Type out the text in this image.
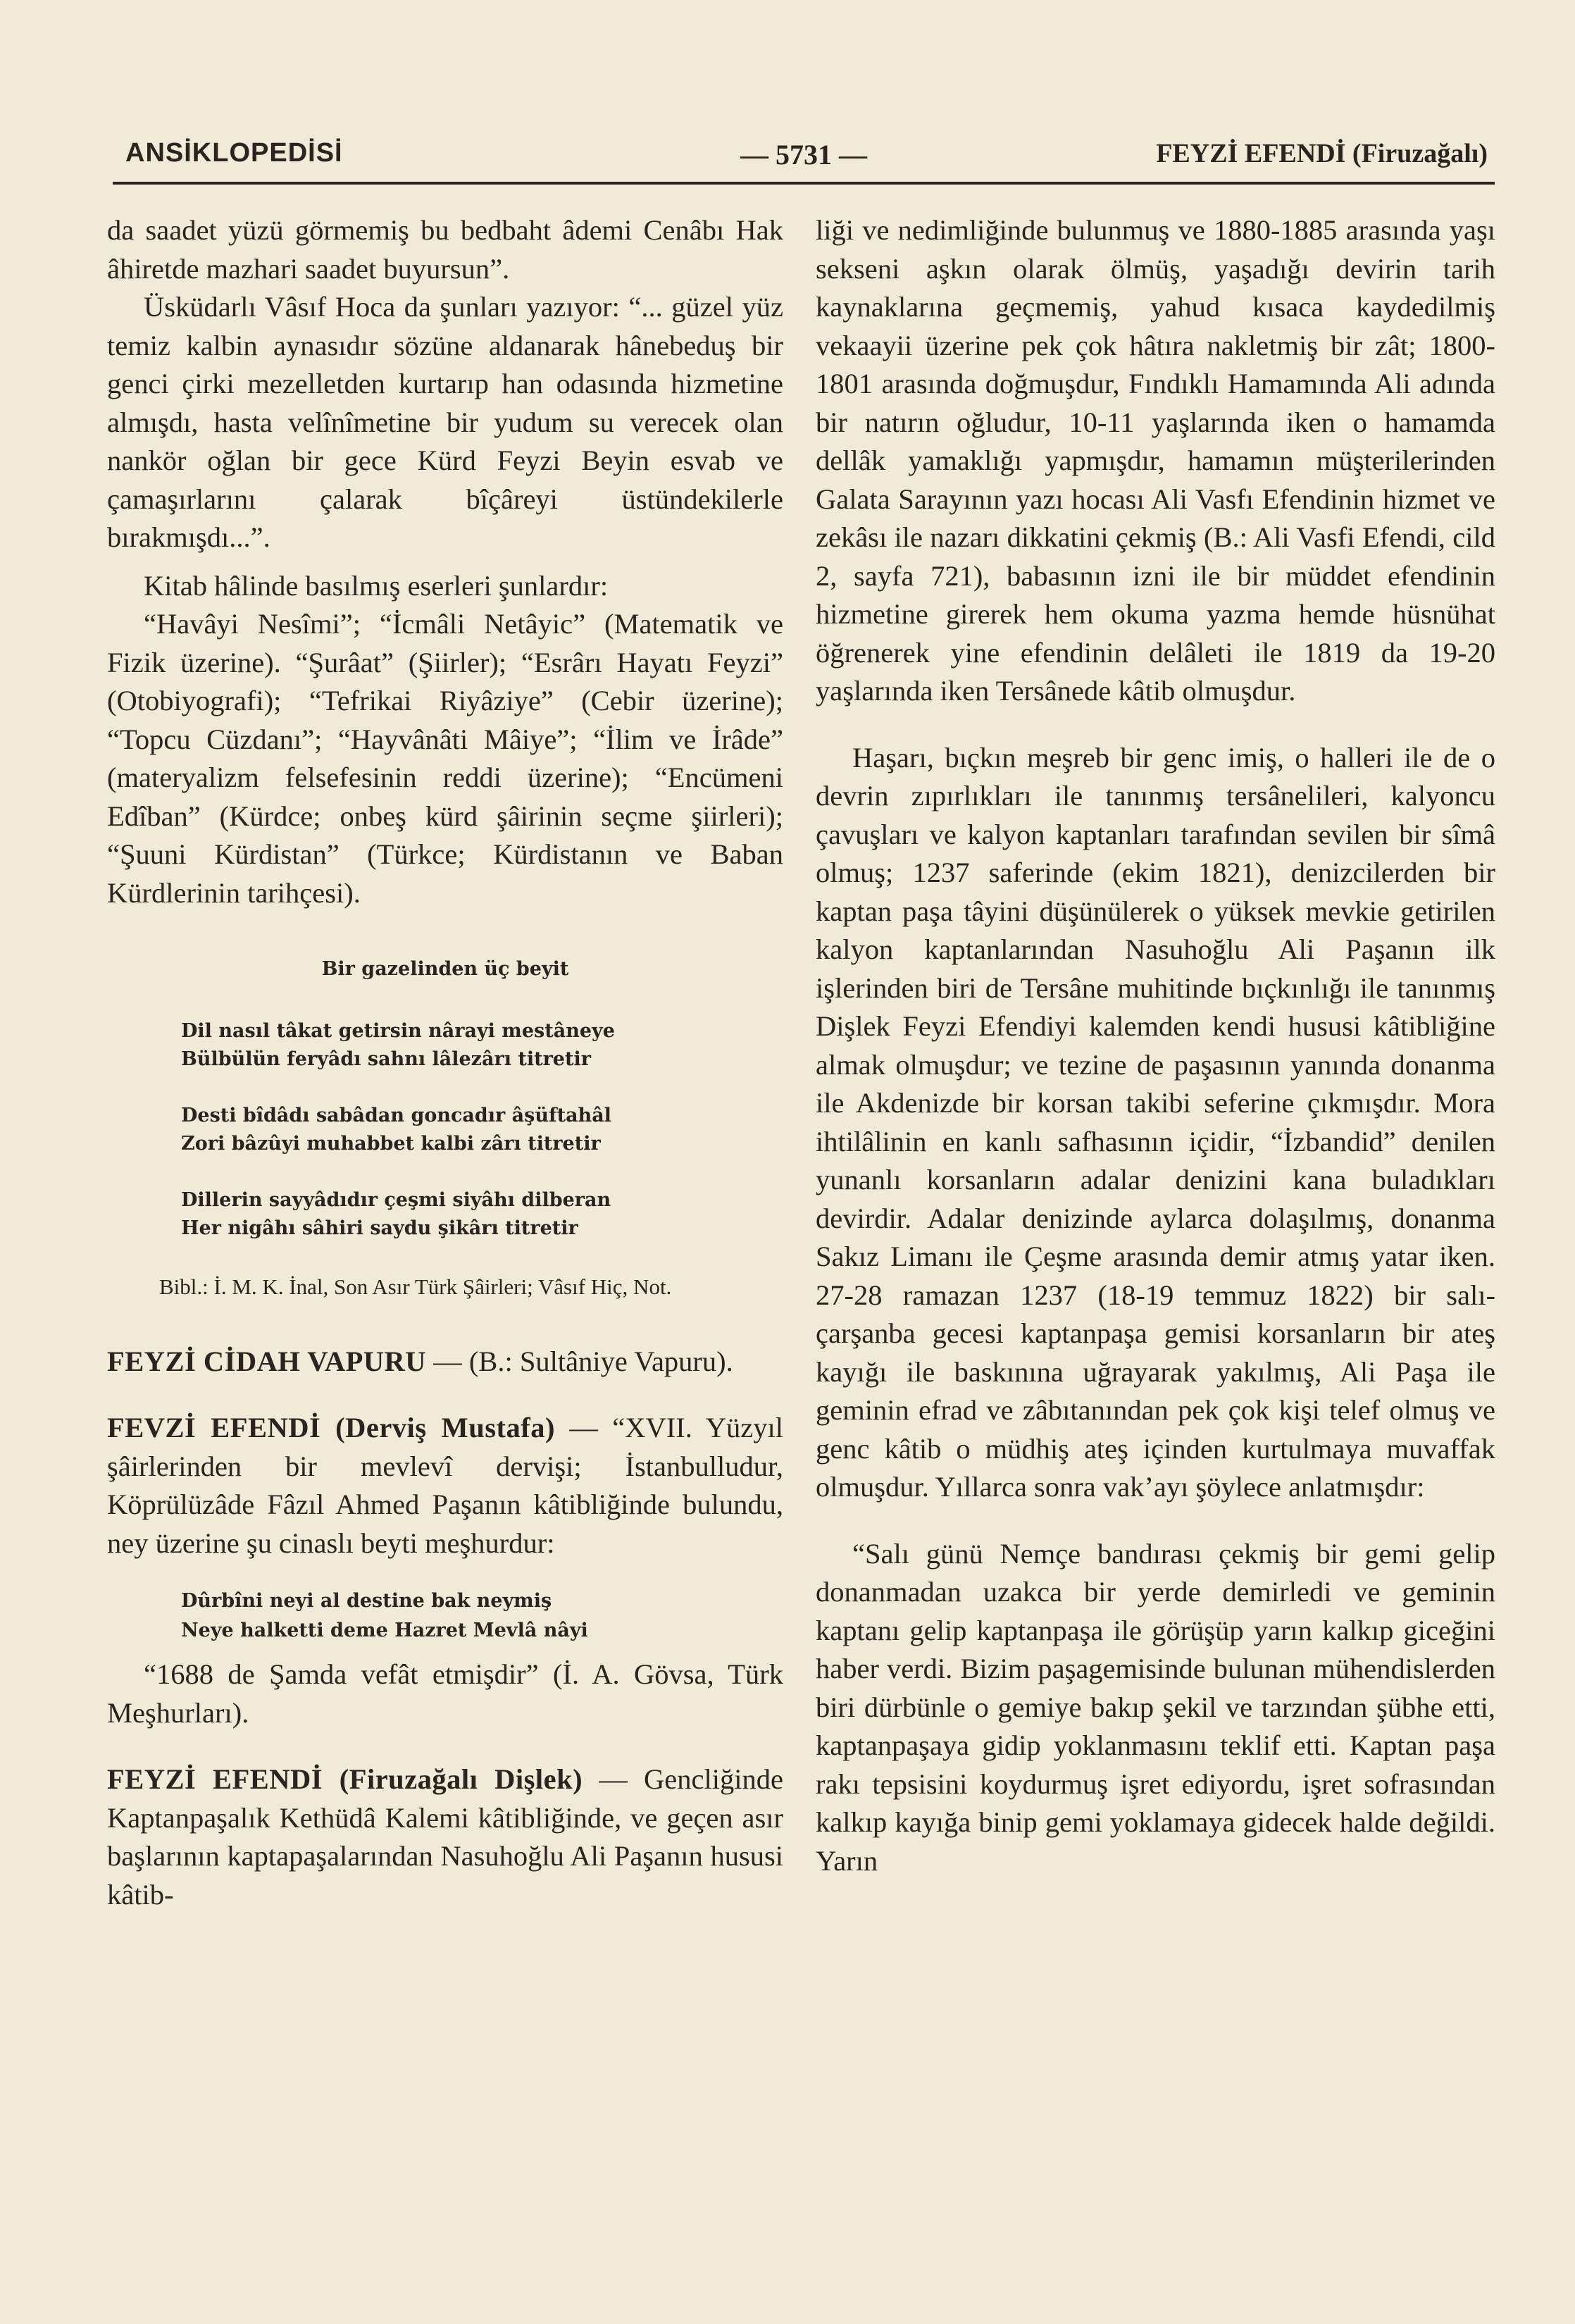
ANSİKLOPEDİSİ	— 5731 —	FEYZİ EFENDİ (Firuzağalı)

da saadet yüzü görmemiş bu bedbaht âdemi Cenâbı Hak âhiretde mazhari saadet buyursun”.

Üsküdarlı Vâsıf Hoca da şunları yazıyor: “... güzel yüz temiz kalbin aynasıdır sözüne aldanarak hânebeduş bir genci çirki mezelletden kurtarıp han odasında hizmetine almışdı, hasta velînîmetine bir yudum su verecek olan nankör oğlan bir gece Kürd Feyzi Beyin esvab ve çamaşırlarını çalarak bîçâreyi üstündekilerle bırakmışdı...”.

Kitab hâlinde basılmış eserleri şunlardır:

“Havâyi Nesîmi”; “İcmâli Netâyic” (Matematik ve Fizik üzerine). “Şurâat” (Şiirler); “Esrârı Hayatı Feyzi” (Otobiyografi); “Tefrikai Riyâziye” (Cebir üzerine); “Topcu Cüzdanı”; “Hayvânâti Mâiye”; “İlim ve İrâde” (materyalizm felsefesinin reddi üzerine); “Encümeni Edîban” (Kürdce; onbeş kürd şâirinin seçme şiirleri); “Şuuni Kürdistan” (Türkce; Kürdistanın ve Baban Kürdlerinin tarihçesi).

Bir gazelinden üç beyit
Dil nasıl tâkat getirsin nârayi mestâneye
Bülbülün feryâdı sahnı lâlezârı titretir
Desti bîdâdı sabâdan goncadır âşüftahâl
Zori bâzûyi muhabbet kalbi zârı titretir
Dillerin sayyâdıdır çeşmi siyâhı dilberan
Her nigâhı sâhiri saydu şikârı titretir

Bibl.: İ. M. K. İnal, Son Asır Türk Şâirleri; Vâsıf Hiç, Not.

FEYZİ CİDAH VAPURU — (B.: Sultâniye Vapuru).

FEVZİ EFENDİ (Derviş Mustafa) — “XVII. Yüzyıl şâirlerinden bir mevlevî dervişi; İstanbulludur, Köprülüzâde Fâzıl Ahmed Paşanın kâtibliğinde bulundu, ney üzerine şu cinaslı beyti meşhurdur:

Dûrbîni neyi al destine bak neymiş
Neye halketti deme Hazret Mevlâ nâyi

“1688 de Şamda vefât etmişdir” (İ. A. Gövsa, Türk Meşhurları).

FEYZİ EFENDİ (Firuzağalı Dişlek) — Gencliğinde Kaptanpaşalık Kethüdâ Kalemi kâtibliğinde, ve geçen asır başlarının kaptapaşalarından Nasuhoğlu Ali Paşanın hususi kâtib-

liği ve nedimliğinde bulunmuş ve 1880-1885 arasında yaşı sekseni aşkın olarak ölmüş, yaşadığı devirin tarih kaynaklarına geçmemiş, yahud kısaca kaydedilmiş vekaayii üzerine pek çok hâtıra nakletmiş bir zât; 1800-1801 arasında doğmuşdur, Fındıklı Hamamında Ali adında bir natırın oğludur, 10-11 yaşlarında iken o hamamda dellâk yamaklığı yapmışdır, hamamın müşterilerinden Galata Sarayının yazı hocası Ali Vasfı Efendinin hizmet ve zekâsı ile nazarı dikkatini çekmiş (B.: Ali Vasfi Efendi, cild 2, sayfa 721), babasının izni ile bir müddet efendinin hizmetine girerek hem okuma yazma hemde hüsnühat öğrenerek yine efendinin delâleti ile 1819 da 19-20 yaşlarında iken Tersânede kâtib olmuşdur.

Haşarı, bıçkın meşreb bir genc imiş, o halleri ile de o devrin zıpırlıkları ile tanınmış tersânelileri, kalyoncu çavuşları ve kalyon kaptanları tarafından sevilen bir sîmâ olmuş; 1237 saferinde (ekim 1821), denizcilerden bir kaptan paşa tâyini düşünülerek o yüksek mevkie getirilen kalyon kaptanlarından Nasuhoğlu Ali Paşanın ilk işlerinden biri de Tersâne muhitinde bıçkınlığı ile tanınmış Dişlek Feyzi Efendiyi kalemden kendi hususi kâtibliğine almak olmuşdur; ve tezine de paşasının yanında donanma ile Akdenizde bir korsan takibi seferine çıkmışdır. Mora ihtilâlinin en kanlı safhasının içidir, “İzbandid” denilen yunanlı korsanların adalar denizini kana buladıkları devirdir. Adalar denizinde aylarca dolaşılmış, donanma Sakız Limanı ile Çeşme arasında demir atmış yatar iken. 27-28 ramazan 1237 (18-19 temmuz 1822) bir salı-çarşanba gecesi kaptanpaşa gemisi korsanların bir ateş kayığı ile baskınına uğrayarak yakılmış, Ali Paşa ile geminin efrad ve zâbıtanından pek çok kişi telef olmuş ve genc kâtib o müdhiş ateş içinden kurtulmaya muvaffak olmuşdur. Yıllarca sonra vak’ayı şöylece anlatmışdır:

“Salı günü Nemçe bandırası çekmiş bir gemi gelip donanmadan uzakca bir yerde demirledi ve geminin kaptanı gelip kaptanpaşa ile görüşüp yarın kalkıp giceğini haber verdi. Bizim paşagemisinde bulunan mühendislerden biri dürbünle o gemiye bakıp şekil ve tarzından şübhe etti, kaptanpaşaya gidip yoklanmasını teklif etti. Kaptan paşa rakı tepsisini koydurmuş işret ediyordu, işret sofrasından kalkıp kayığa binip gemi yoklamaya gidecek halde değildi. Yarın
